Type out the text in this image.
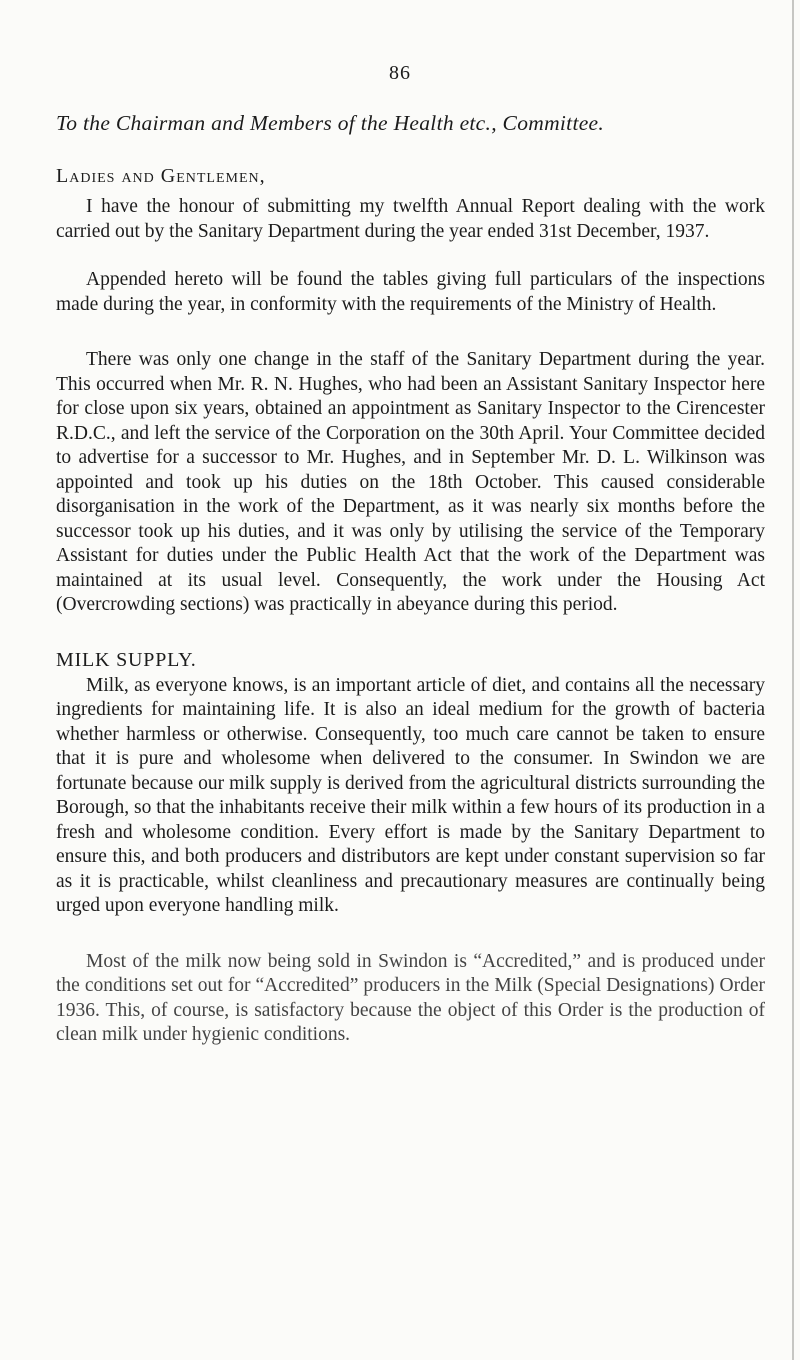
86
To the Chairman and Members of the Health etc., Committee.
Ladies and Gentlemen,

I have the honour of submitting my twelfth Annual Report dealing with the work carried out by the Sanitary Department during the year ended 31st December, 1937.

Appended hereto will be found the tables giving full particulars of the inspections made during the year, in conformity with the requirements of the Ministry of Health.

There was only one change in the staff of the Sanitary Department during the year. This occurred when Mr. R. N. Hughes, who had been an Assistant Sanitary Inspector here for close upon six years, obtained an appointment as Sanitary Inspector to the Cirencester R.D.C., and left the service of the Corporation on the 30th April. Your Committee decided to advertise for a successor to Mr. Hughes, and in September Mr. D. L. Wilkinson was appointed and took up his duties on the 18th October. This caused considerable disorganisation in the work of the Department, as it was nearly six months before the successor took up his duties, and it was only by utilising the service of the Temporary Assistant for duties under the Public Health Act that the work of the Department was maintained at its usual level. Consequently, the work under the Housing Act (Overcrowding sections) was practically in abeyance during this period.

MILK SUPPLY.

Milk, as everyone knows, is an important article of diet, and contains all the necessary ingredients for maintaining life. It is also an ideal medium for the growth of bacteria whether harmless or otherwise. Consequently, too much care cannot be taken to ensure that it is pure and wholesome when delivered to the consumer. In Swindon we are fortunate because our milk supply is derived from the agricultural districts surrounding the Borough, so that the inhabitants receive their milk within a few hours of its production in a fresh and wholesome condition. Every effort is made by the Sanitary Department to ensure this, and both producers and distributors are kept under constant supervision so far as it is practicable, whilst cleanliness and precautionary measures are continually being urged upon everyone handling milk.

Most of the milk now being sold in Swindon is “Accredited,” and is produced under the conditions set out for “Accredited” producers in the Milk (Special Designations) Order 1936. This, of course, is satisfactory because the object of this Order is the production of clean milk under hygienic conditions.
